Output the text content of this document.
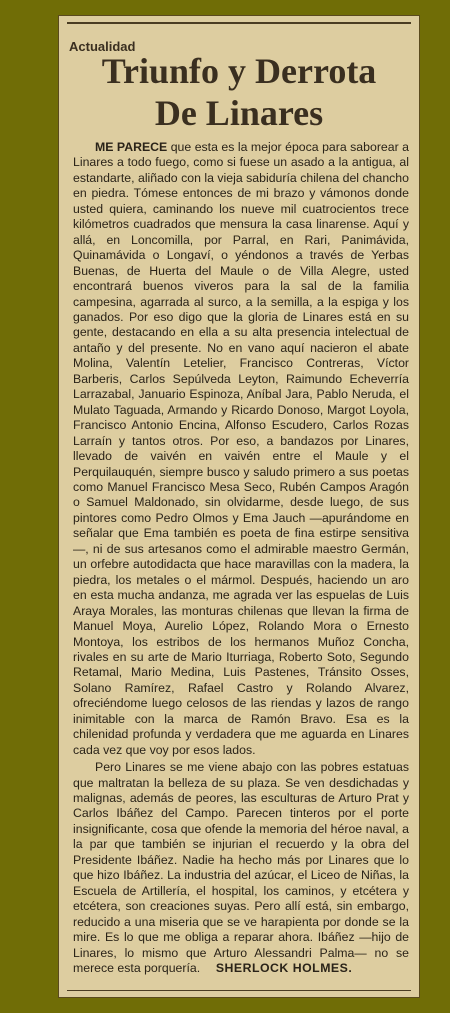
Actualidad
Triunfo y Derrota
De Linares

ME PARECE que esta es la mejor época para saborear a Linares a todo fuego, como si fuese un asado a la antigua, al estandarte, aliñado con la vieja sabiduría chilena del chancho en piedra. Tómese entonces de mi brazo y vámonos donde usted quiera, caminando los nueve mil cuatrocientos trece kilómetros cuadrados que mensura la casa linarense. Aquí y allá, en Loncomilla, por Parral, en Rari, Panimávida, Quinamávida o Longaví, o yéndonos a través de Yerbas Buenas, de Huerta del Maule o de Villa Alegre, usted encontrará buenos viveros para la sal de la familia campesina, agarrada al surco, a la semilla, a la espiga y los ganados. Por eso digo que la gloria de Linares está en su gente, destacando en ella a su alta presencia intelectual de antaño y del presente. No en vano aquí nacieron el abate Molina, Valentín Letelier, Francisco Contreras, Víctor Barberis, Carlos Sepúlveda Leyton, Raimundo Echeverría Larrazabal, Januario Espinoza, Aníbal Jara, Pablo Neruda, el Mulato Taguada, Armando y Ricardo Donoso, Margot Loyola, Francisco Antonio Encina, Alfonso Escudero, Carlos Rozas Larraín y tantos otros. Por eso, a bandazos por Linares, llevado de vaivén en vaivén entre el Maule y el Perquilauquén, siempre busco y saludo primero a sus poetas como Manuel Francisco Mesa Seco, Rubén Campos Aragón o Samuel Maldonado, sin olvidarme, desde luego, de sus pintores como Pedro Olmos y Ema Jauch —apurándome en señalar que Ema también es poeta de fina estirpe sensitiva—, ni de sus artesanos como el admirable maestro Germán, un orfebre autodidacta que hace maravillas con la madera, la piedra, los metales o el mármol. Después, haciendo un aro en esta mucha andanza, me agrada ver las espuelas de Luis Araya Morales, las monturas chilenas que llevan la firma de Manuel Moya, Aurelio López, Rolando Mora o Ernesto Montoya, los estribos de los hermanos Muñoz Concha, rivales en su arte de Mario Iturriaga, Roberto Soto, Segundo Retamal, Mario Medina, Luis Pastenes, Tránsito Osses, Solano Ramírez, Rafael Castro y Rolando Alvarez, ofreciéndome luego celosos de las riendas y lazos de rango inimitable con la marca de Ramón Bravo. Esa es la chilenidad profunda y verdadera que me aguarda en Linares cada vez que voy por esos lados.

Pero Linares se me viene abajo con las pobres estatuas que maltratan la belleza de su plaza. Se ven desdichadas y malignas, además de peores, las esculturas de Arturo Prat y Carlos Ibáñez del Campo. Parecen tinteros por el porte insignificante, cosa que ofende la memoria del héroe naval, a la par que también se injurian el recuerdo y la obra del Presidente Ibáñez. Nadie ha hecho más por Linares que lo que hizo Ibáñez. La industria del azúcar, el Liceo de Niñas, la Escuela de Artillería, el hospital, los caminos, y etcétera y etcétera, son creaciones suyas. Pero allí está, sin embargo, reducido a una miseria que se ve harapienta por donde se la mire. Es lo que me obliga a reparar ahora. Ibáñez —hijo de Linares, lo mismo que Arturo Alessandri Palma— no se merece esta porquería. SHERLOCK HOLMES.
